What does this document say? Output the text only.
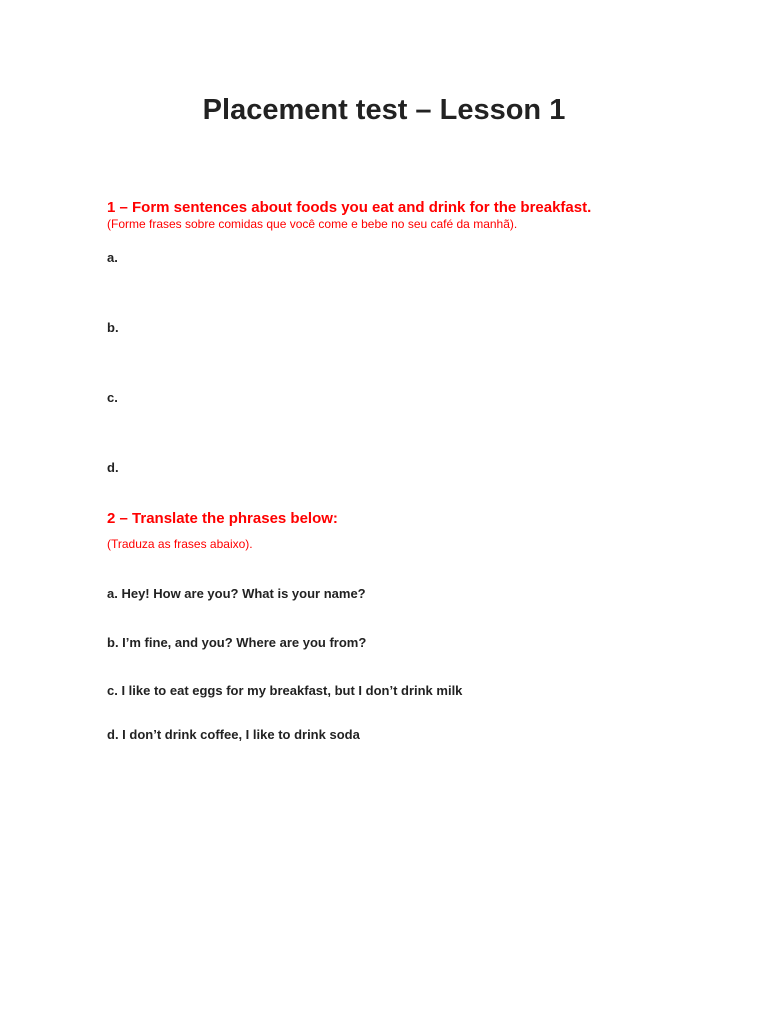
Placement test – Lesson 1
1 – Form sentences about foods you eat and drink for the breakfast.
(Forme frases sobre comidas que você come e bebe no seu café da manhã).
a.
b.
c.
d.
2 – Translate the phrases below:
(Traduza as frases abaixo).
a. Hey! How are you? What is your name?
b. I’m fine, and you? Where are you from?
c. I like to eat eggs for my breakfast, but I don’t drink milk
d. I don’t drink coffee, I like to drink soda
